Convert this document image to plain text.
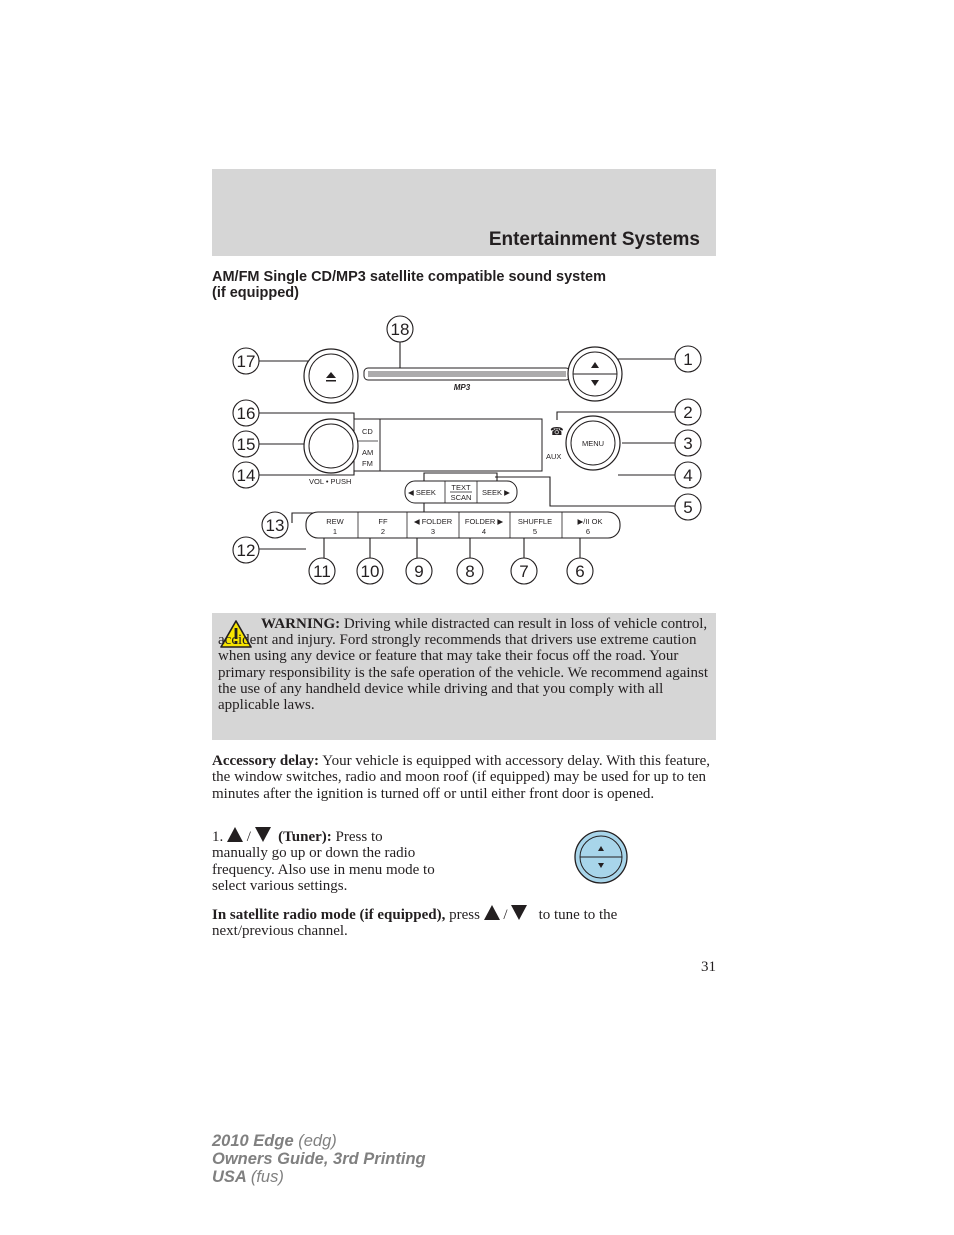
Entertainment Systems
AM/FM Single CD/MP3 satellite compatible sound system
(if equipped)
MP3
CD
AM
FM
VOL • PUSH
☎
AUX
MENU
◀ SEEK
TEXT
SCAN
SEEK ▶
REW
1
FF
2
◀ FOLDER
3
FOLDER ▶
4
SHUFFLE
5
▶/II OK
6
18
17	1
16	2
15	3
14	4
5
13
12
11 10 9 8	7	6
WARNING: Driving while distracted can result in loss of vehicle control, accident and injury. Ford strongly recommends that drivers use extreme caution when using any device or feature that may take their focus off the road. Your primary responsibility is the safe operation of the vehicle. We recommend against the use of any handheld device while driving and that you comply with all applicable laws.
Accessory delay: Your vehicle is equipped with accessory delay. With this feature, the window switches, radio and moon roof (if equipped) may be used for up to ten minutes after the ignition is turned off or until either front door is opened.
1. / (Tuner): Press to
manually go up or down the radio frequency. Also use in menu mode to select various settings.
In satellite radio mode (if equipped), press / to tune to the
next/previous channel.
31
2010 Edge (edg)
Owners Guide, 3rd Printing
USA (fus)
